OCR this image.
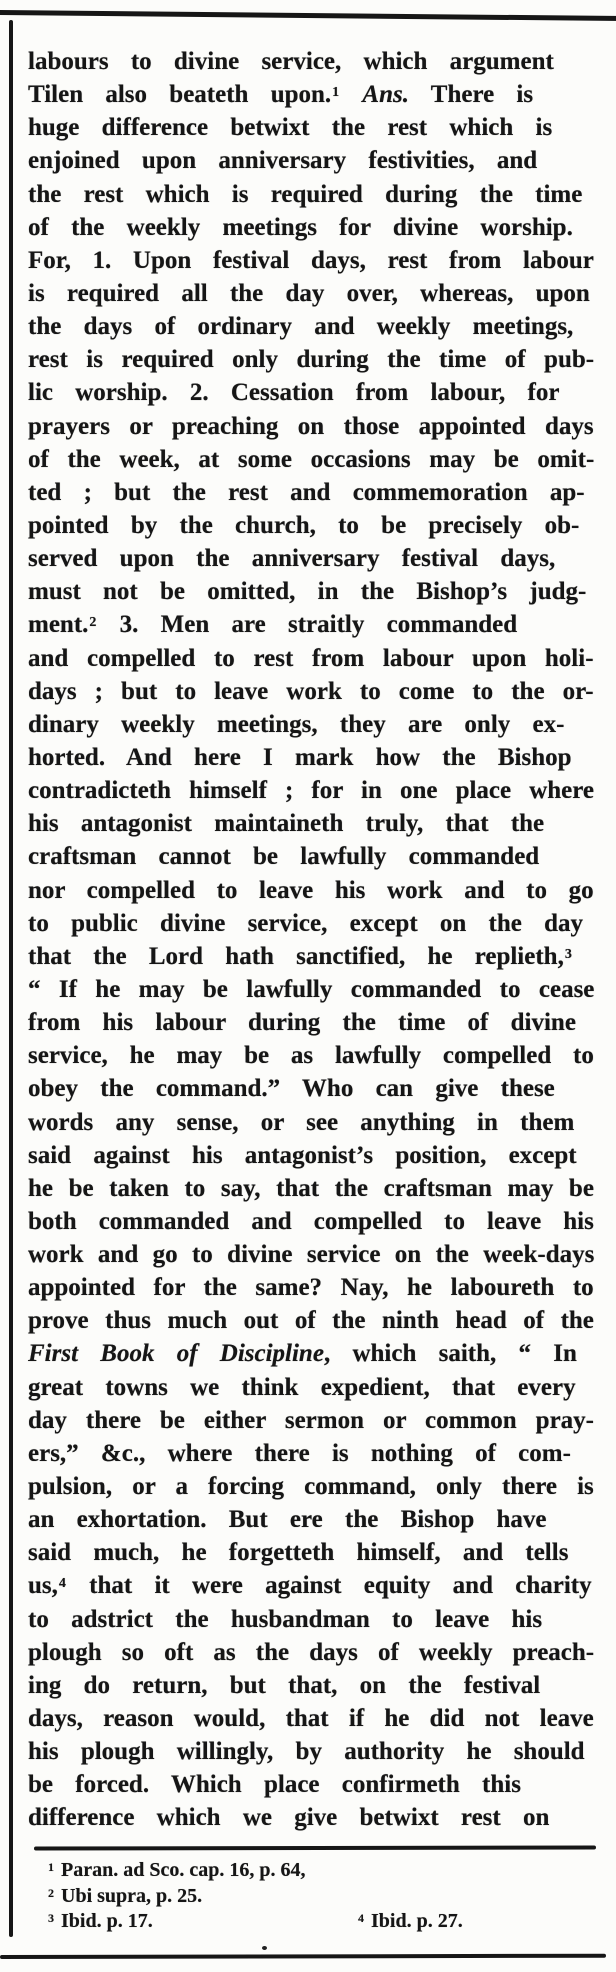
labours to divine service, which argument
Tilen also beateth upon.$^1$ Ans. There is
huge difference betwixt the rest which is
enjoined upon anniversary festivities, and
the rest which is required during the time
of the weekly meetings for divine worship.
For, 1. Upon festival days, rest from labour
is required all the day over, whereas, upon
the days of ordinary and weekly meetings,
rest is required only during the time of pub-
lic worship. 2. Cessation from labour, for
prayers or preaching on those appointed days
of the week, at some occasions may be omit-
ted ; but the rest and commemoration ap-
pointed by the church, to be precisely ob-
served upon the anniversary festival days,
must not be omitted, in the Bishop’s judg-
ment.$^2$ 3. Men are straitly commanded
and compelled to rest from labour upon holi-
days ; but to leave work to come to the or-
dinary weekly meetings, they are only ex-
horted. And here I mark how the Bishop
contradicteth himself ; for in one place where
his antagonist maintaineth truly, that the
craftsman cannot be lawfully commanded
nor compelled to leave his work and to go
to public divine service, except on the day
that the Lord hath sanctified, he replieth,$^3$
“ If he may be lawfully commanded to cease
from his labour during the time of divine
service, he may be as lawfully compelled to
obey the command.” Who can give these
words any sense, or see anything in them
said against his antagonist’s position, except
he be taken to say, that the craftsman may be
both commanded and compelled to leave his
work and go to divine service on the week-days
appointed for the same? Nay, he laboureth to
prove thus much out of the ninth head of the
First Book of Discipline, which saith, “ In
great towns we think expedient, that every
day there be either sermon or common pray-
ers,” &c., where there is nothing of com-
pulsion, or a forcing command, only there is
an exhortation. But ere the Bishop have
said much, he forgetteth himself, and tells
us,$^4$ that it were against equity and charity
to adstrict the husbandman to leave his
plough so oft as the days of weekly preach-
ing do return, but that, on the festival
days, reason would, that if he did not leave
his plough willingly, by authority he should
be forced. Which place confirmeth this
difference which we give betwixt rest on
$^1$ Paran. ad Sco. cap. 16, p. 64,
$^2$ Ubi supra, p. 25.
$^3$ Ibid. p. 17.	$^4$ Ibid. p. 27.
